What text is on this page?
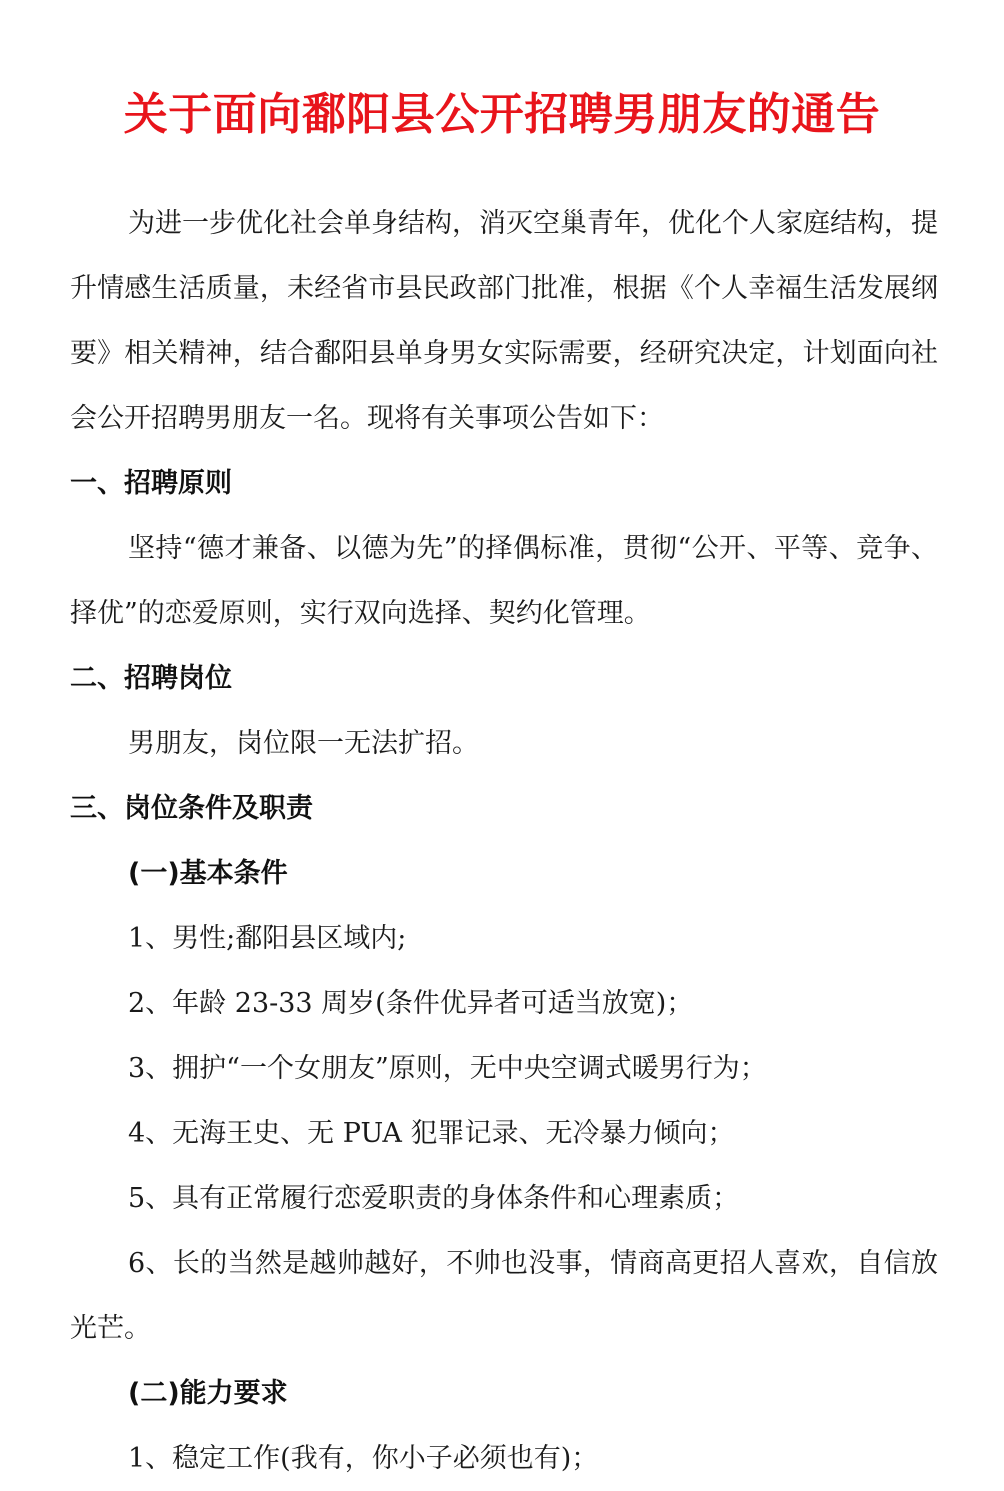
关于面向鄱阳县公开招聘男朋友的通告

为进一步优化社会单身结构，消灭空巢青年，优化个人家庭结构，提升情感生活质量，未经省市县民政部门批准，根据《个人幸福生活发展纲要》相关精神，结合鄱阳县单身男女实际需要，经研究决定，计划面向社会公开招聘男朋友一名。现将有关事项公告如下：

一、招聘原则

坚持“德才兼备、以德为先”的择偶标准，贯彻“公开、平等、竞争、择优”的恋爱原则，实行双向选择、契约化管理。

二、招聘岗位
男朋友，岗位限一无法扩招。
三、岗位条件及职责
(一)基本条件
1、男性;鄱阳县区域内;
2、年龄 23-33 周岁(条件优异者可适当放宽)；
3、拥护“一个女朋友”原则，无中央空调式暖男行为；
4、无海王史、无 PUA 犯罪记录、无冷暴力倾向；
5、具有正常履行恋爱职责的身体条件和心理素质；

6、长的当然是越帅越好，不帅也没事，情商高更招人喜欢，自信放光芒。

(二)能力要求
1、稳定工作(我有，你小子必须也有)；
